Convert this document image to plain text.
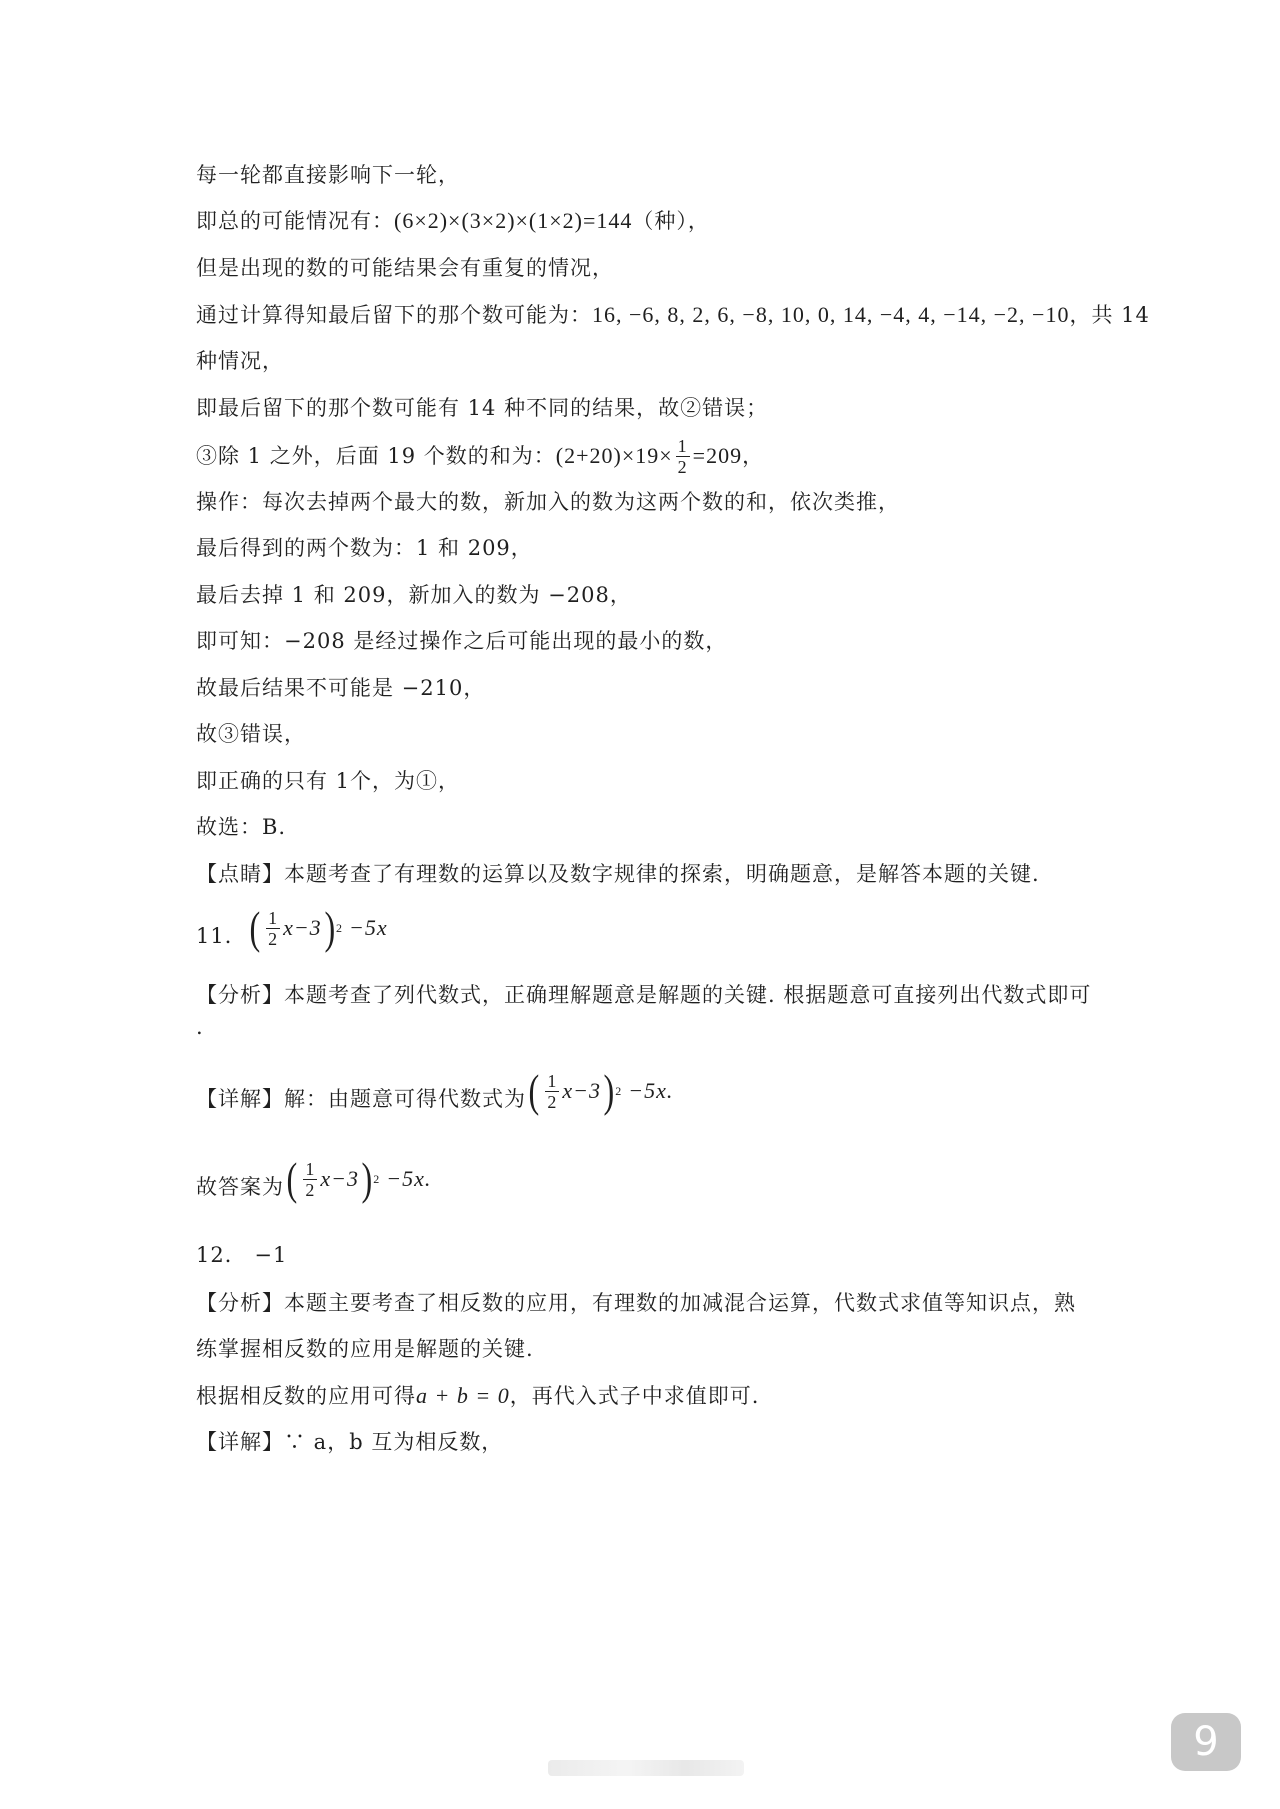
每一轮都直接影响下一轮，
即总的可能情况有：(6×2)×(3×2)×(1×2)=144（种），
但是出现的数的可能结果会有重复的情况，
通过计算得知最后留下的那个数可能为：16, −6, 8, 2, 6, −8, 10, 0, 14, −4, 4, −14, −2, −10，共 14
种情况，
即最后留下的那个数可能有 14 种不同的结果，故②错误；
③除 1 之外，后面 19 个数的和为： $(2+20)\times 19\times \frac{1}{2} =209$ ，
操作：每次去掉两个最大的数，新加入的数为这两个数的和，依次类推，
最后得到的两个数为：1 和 209，
最后去掉 1 和 209，新加入的数为 −208，
即可知：−208 是经过操作之后可能出现的最小的数，
故最后结果不可能是 −210，
故③错误，
即正确的只有 1个，为①，
故选：B.
【点睛】本题考查了有理数的运算以及数字规律的探索，明确题意，是解答本题的关键.
11． ( $\frac{1}{2} x-3$ ) 2 −5x
【分析】本题考查了列代数式，正确理解题意是解题的关键. 根据题意可直接列出代数式即可
.
【详解】解：由题意可得代数式为 ( $\frac{1}{2} x-3$ ) 2 −5x.
故答案为 ( $\frac{1}{2} x-3$ ) 2 −5x.
12． −1
【分析】本题主要考查了相反数的应用，有理数的加减混合运算，代数式求值等知识点，熟
练掌握相反数的应用是解题的关键.
根据相反数的应用可得a + b = 0，再代入式子中求值即可.
【详解】∵ a，b 互为相反数，
9
